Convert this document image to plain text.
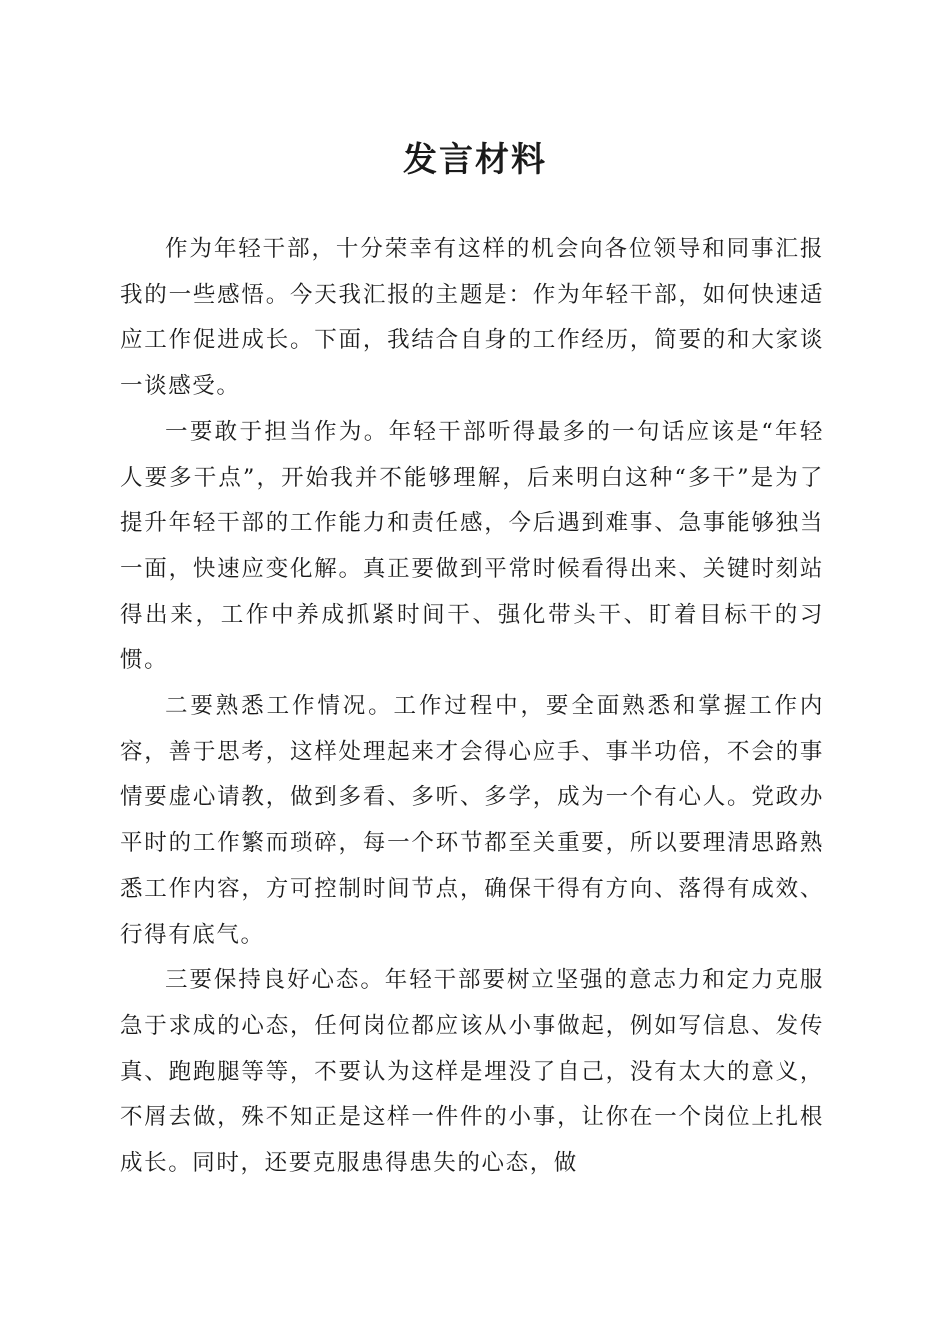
发言材料

作为年轻干部，十分荣幸有这样的机会向各位领导和同事汇报我的一些感悟。今天我汇报的主题是：作为年轻干部，如何快速适应工作促进成长。下面，我结合自身的工作经历，简要的和大家谈一谈感受。

一要敢于担当作为。年轻干部听得最多的一句话应该是“年轻人要多干点”，开始我并不能够理解，后来明白这种“多干”是为了提升年轻干部的工作能力和责任感，今后遇到难事、急事能够独当一面，快速应变化解。真正要做到平常时候看得出来、关键时刻站得出来，工作中养成抓紧时间干、强化带头干、盯着目标干的习惯。

二要熟悉工作情况。工作过程中，要全面熟悉和掌握工作内容，善于思考，这样处理起来才会得心应手、事半功倍，不会的事情要虚心请教，做到多看、多听、多学，成为一个有心人。党政办平时的工作繁而琐碎，每一个环节都至关重要，所以要理清思路熟悉工作内容，方可控制时间节点，确保干得有方向、落得有成效、行得有底气。

三要保持良好心态。年轻干部要树立坚强的意志力和定力克服急于求成的心态，任何岗位都应该从小事做起，例如写信息、发传真、跑跑腿等等，不要认为这样是埋没了自己，没有太大的意义，不屑去做，殊不知正是这样一件件的小事，让你在一个岗位上扎根成长。同时，还要克服患得患失的心态，做
